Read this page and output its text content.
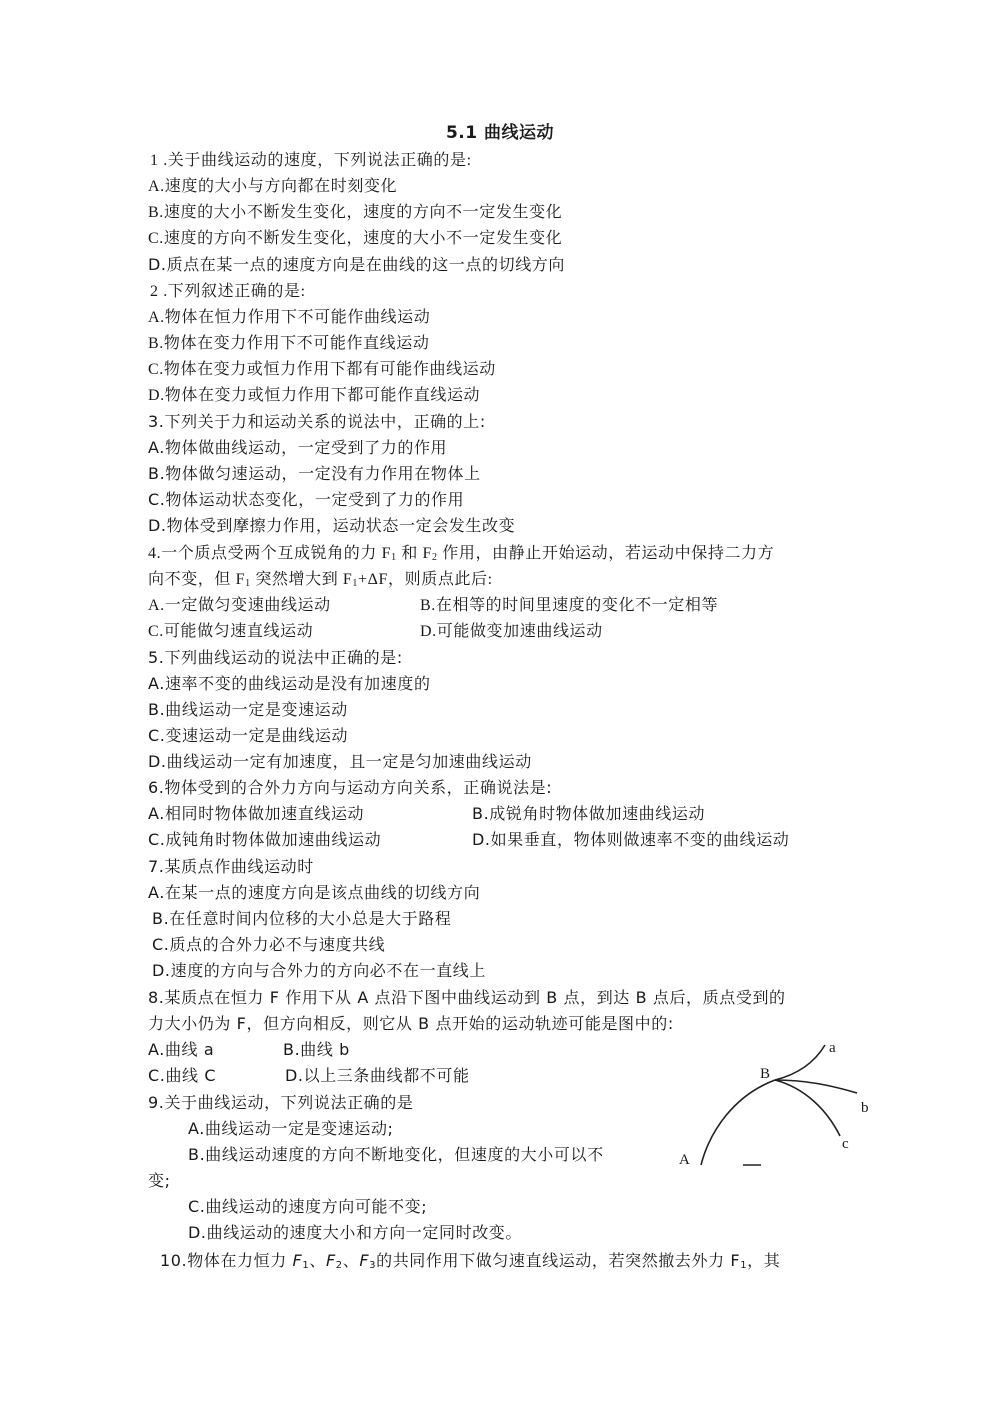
5.1 曲线运动
1 .关于曲线运动的速度，下列说法正确的是:
A.速度的大小与方向都在时刻变化
B.速度的大小不断发生变化，速度的方向不一定发生变化
C.速度的方向不断发生变化，速度的大小不一定发生变化
D.质点在某一点的速度方向是在曲线的这一点的切线方向
2 .下列叙述正确的是:
A.物体在恒力作用下不可能作曲线运动
B.物体在变力作用下不可能作直线运动
C.物体在变力或恒力作用下都有可能作曲线运动
D.物体在变力或恒力作用下都可能作直线运动
3.下列关于力和运动关系的说法中，正确的上:
A.物体做曲线运动，一定受到了力的作用
B.物体做匀速运动，一定没有力作用在物体上
C.物体运动状态变化，一定受到了力的作用
D.物体受到摩擦力作用，运动状态一定会发生改变
4.一个质点受两个互成锐角的力 $F_1$ 和 $F_2$ 作用，由静止开始运动，若运动中保持二力方
向不变，但 $F_1$ 突然增大到 $F_1+\Delta F$，则质点此后:
A.一定做匀变速曲线运动	B.在相等的时间里速度的变化不一定相等
C.可能做匀速直线运动	D.可能做变加速曲线运动
5.下列曲线运动的说法中正确的是:
A.速率不变的曲线运动是没有加速度的
B.曲线运动一定是变速运动
C.变速运动一定是曲线运动
D.曲线运动一定有加速度，且一定是匀加速曲线运动
6.物体受到的合外力方向与运动方向关系，正确说法是:
A.相同时物体做加速直线运动	B.成锐角时物体做加速曲线运动
C.成钝角时物体做加速曲线运动	D.如果垂直，物体则做速率不变的曲线运动
7.某质点作曲线运动时
A.在某一点的速度方向是该点曲线的切线方向
B.在任意时间内位移的大小总是大于路程
C.质点的合外力必不与速度共线
D.速度的方向与合外力的方向必不在一直线上
8.某质点在恒力 F 作用下从 A 点沿下图中曲线运动到 B 点，到达 B 点后，质点受到的
力大小仍为 F，但方向相反，则它从 B 点开始的运动轨迹可能是图中的:
A.曲线 a	B.曲线 b
C.曲线 C	D.以上三条曲线都不可能
9.关于曲线运动，下列说法正确的是
A.曲线运动一定是变速运动;
B.曲线运动速度的方向不断地变化，但速度的大小可以不
变;
C.曲线运动的速度方向可能不变;
D.曲线运动的速度大小和方向一定同时改变。
10.物体在力恒力 $F_1$、$F_2$、$F_3$的共同作用下做匀速直线运动，若突然撤去外力 $F_1$，其
A
B
a
b
c
